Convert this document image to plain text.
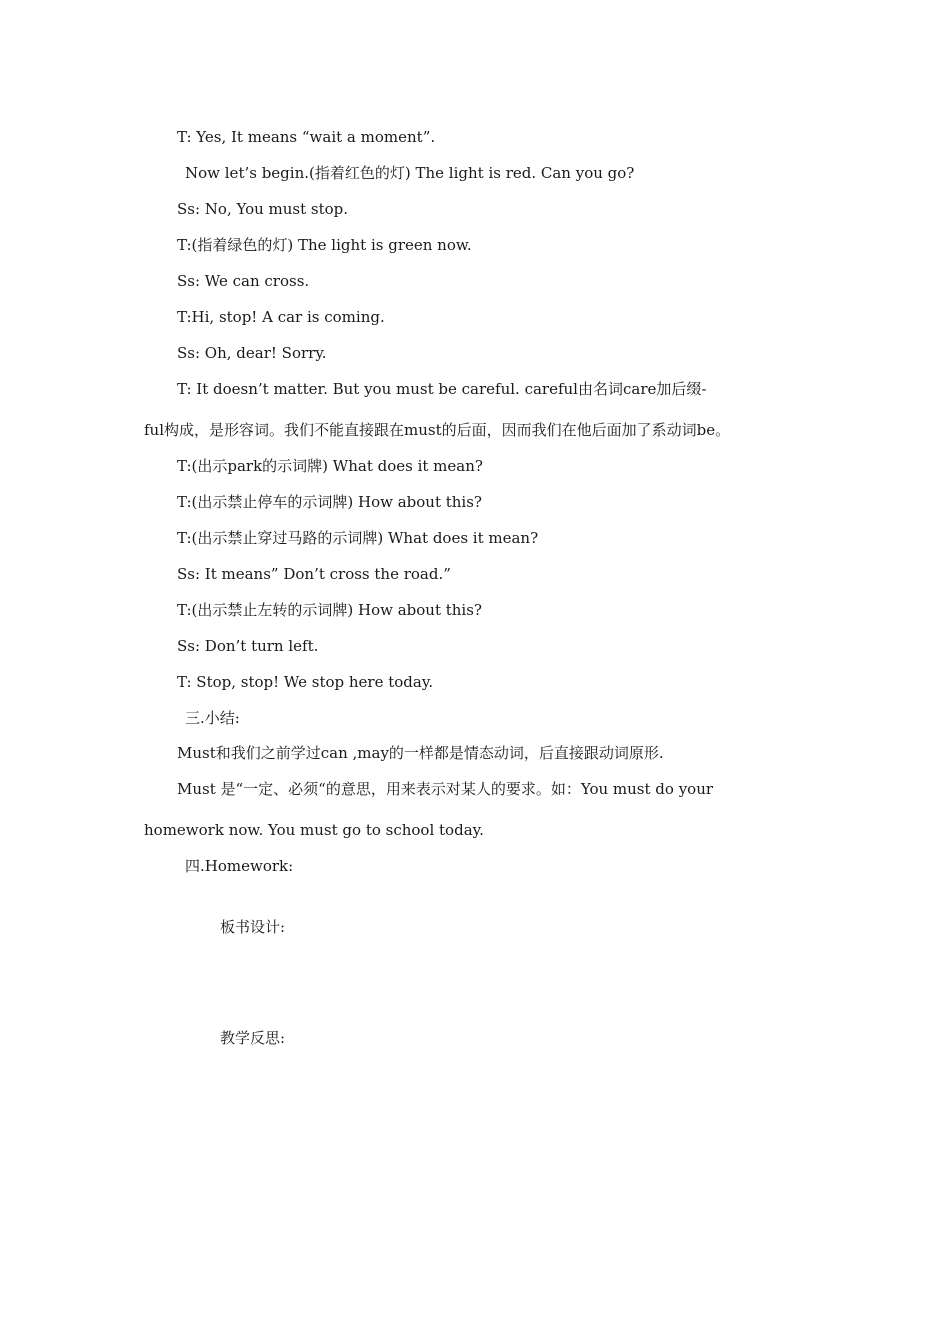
T: Yes, It means “wait a moment”.
Now let’s begin.(指着红色的灯) The light is red. Can you go?
Ss: No, You must stop.
T:(指着绿色的灯) The light is green now.
Ss: We can cross.
T:Hi, stop! A car is coming.
Ss: Oh, dear! Sorry.
T: It doesn’t matter. But you must be careful. careful由名词care加后缀-
ful构成，是形容词。我们不能直接跟在must的后面，因而我们在他后面加了系动词be。
T:(出示park的示词牌) What does it mean?
T:(出示禁止停车的示词牌) How about this?
T:(出示禁止穿过马路的示词牌) What does it mean?
Ss: It means” Don’t cross the road.”
T:(出示禁止左转的示词牌) How about this?
Ss: Don’t turn left.
T: Stop, stop! We stop here today.
三.小结:
Must和我们之前学过can ,may的一样都是情态动词，后直接跟动词原形.
Must 是“一定、必须“的意思，用来表示对某人的要求。如：You must do your
homework now. You must go to school today.
四.Homework:
板书设计:
教学反思:
